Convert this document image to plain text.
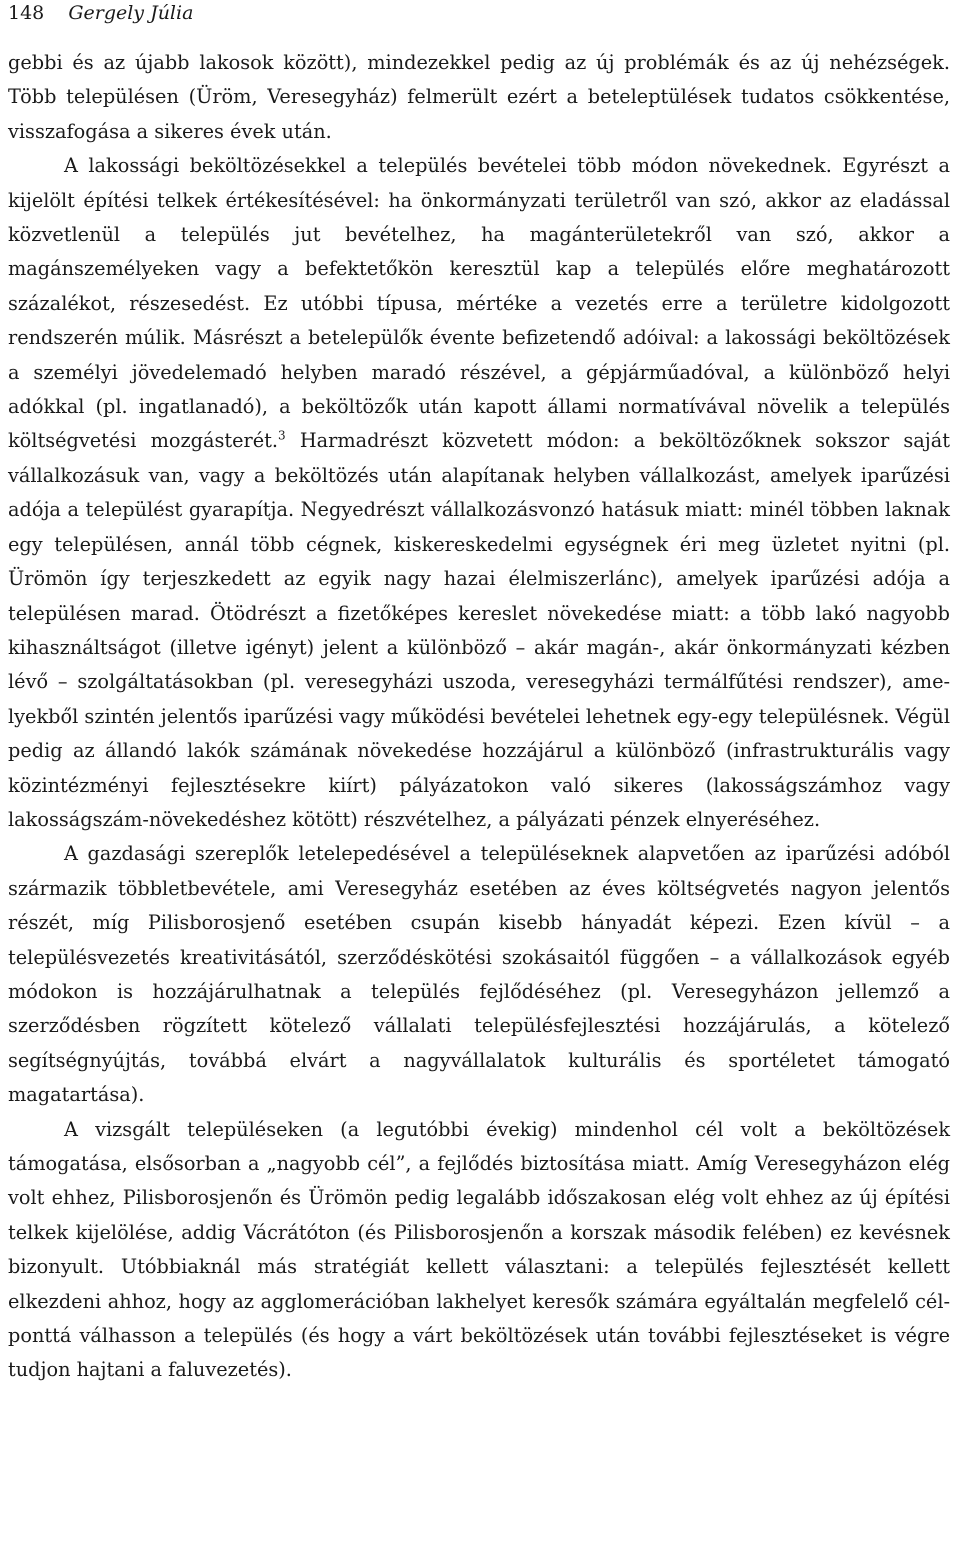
148 Gergely Júlia

gebbi és az újabb lakosok között), mindezekkel pedig az új problémák és az új nehézségek. Több településen (Üröm, Veresegyház) felmerült ezért a beteleptülések tudatos csökkentése, visszafogása a sikeres évek után.

A lakossági beköltözésekkel a település bevételei több módon növekednek. Egyrészt a kijelölt építési telkek értékesítésével: ha önkormányzati területről van szó, akkor az eladással közvetlenül a település jut bevételhez, ha magánterületekről van szó, akkor a magánszemélyeken vagy a befektetőkön keresztül kap a település előre meghatározott százalékot, részesedést. Ez utóbbi típusa, mértéke a vezetés erre a területre kidolgozott rendszerén múlik. Másrészt a betelepülők évente befizetendő adóival: a lakossági beköltözések a személyi jövedelemadó helyben maradó részével, a gépjárműadóval, a különböző helyi adókkal (pl. ingatlanadó), a beköltözők után kapott állami normatívával növelik a település költségvetési mozgásterét.$^3$ Harmadrészt közvetett módon: a beköltözőknek sokszor saját vállalkozásuk van, vagy a beköltözés után alapítanak helyben vállalkozást, amelyek iparűzési adója a települést gyarapítja. Negyedrészt vállalkozásvonzó hatásuk miatt: minél többen laknak egy településen, annál több cégnek, kiskereskedelmi egységnek éri meg üzletet nyitni (pl. Ürömön így terjeszkedett az egyik nagy hazai élelmiszerlánc), amelyek iparűzési adója a településen marad. Ötödrészt a fizetőképes kereslet növekedése miatt: a több lakó nagyobb kihasználtságot (illetve igényt) jelent a különböző – akár magán-, akár önkormányzati kézben lévő – szolgáltatásokban (pl. veresegyházi uszoda, veresegyházi termálfűtési rendszer), amelyekből szintén jelentős iparűzési vagy működési bevételei lehetnek egy-egy településnek. Végül pedig az állandó lakók számának növekedése hozzájárul a különböző (infrastrukturális vagy közintézményi fejlesztésekre kiírt) pályázatokon való sikeres (lakosságszámhoz vagy lakosságszám-növekedéshez kötött) részvételhez, a pályázati pénzek elnyeréséhez.

A gazdasági szereplők letelepedésével a településeknek alapvetően az iparűzési adóból származik többletbevétele, ami Veresegyház esetében az éves költségvetés nagyon jelentős részét, míg Pilisborosjenő esetében csupán kisebb hányadát képezi. Ezen kívül – a településvezetés kreativitásától, szerződéskötési szokásaitól függően – a vállalkozások egyéb módokon is hozzájárulhatnak a település fejlődéséhez (pl. Veresegyházon jellemző a szerződésben rögzített kötelező vállalati településfejlesztési hozzájárulás, a kötelező segítségnyújtás, továbbá elvárt a nagyvállalatok kulturális és sportéletet támogató magatartása).

A vizsgált településeken (a legutóbbi évekig) mindenhol cél volt a beköltözések támogatása, elsősorban a „nagyobb cél”, a fejlődés biztosítása miatt. Amíg Veresegyházon elég volt ehhez, Pilisborosjenőn és Ürömön pedig legalább időszakosan elég volt ehhez az új építési telkek kijelölése, addig Vácrátóton (és Pilisborosjenőn a korszak második felében) ez kevésnek bizonyult. Utóbbiaknál más stratégiát kellett választani: a település fejlesztését kellett elkezdeni ahhoz, hogy az agglomerációban lakhelyet keresők számára egyáltalán megfelelő célponttá válhasson a település (és hogy a várt beköltözések után további fejlesztéseket is végre tudjon hajtani a faluvezetés).
